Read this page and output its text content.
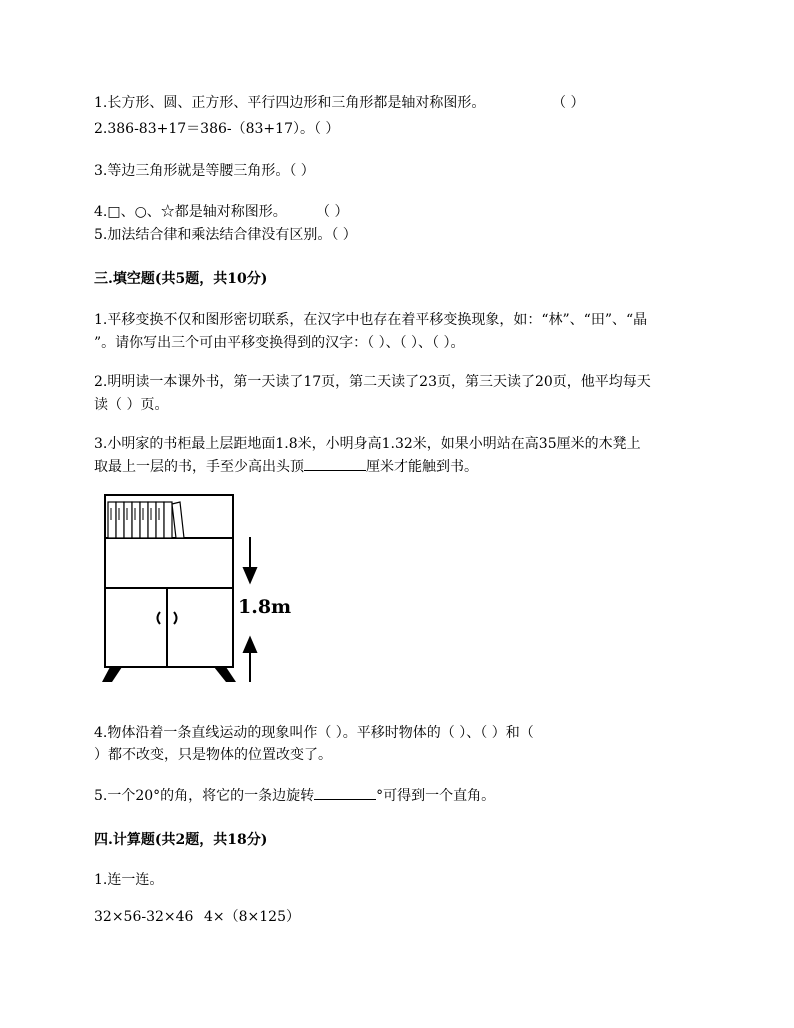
1.长方形、圆、正方形、平行四边形和三角形都是轴对称图形。	（ ）
2.386-83+17＝386-（83+17）。（ ）
3.等边三角形就是等腰三角形。（ ）
4.□、○、☆都是轴对称图形。 （ ）
5.加法结合律和乘法结合律没有区别。（ ）
三.填空题(共5题，共10分)
1.平移变换不仅和图形密切联系，在汉字中也存在着平移变换现象，如：“林”、“田”、“晶
”。请你写出三个可由平移变换得到的汉字：（ ）、（ ）、（ ）。
2.明明读一本课外书，第一天读了17页，第二天读了23页，第三天读了20页，他平均每天
读（ ）页。
3.小明家的书柜最上层距地面1.8米，小明身高1.32米，如果小明站在高35厘米的木凳上
取最上一层的书，手至少高出头顶	厘米才能触到书。
1.8m
4.物体沿着一条直线运动的现象叫作（ ）。平移时物体的（ ）、（ ）和（
）都不改变，只是物体的位置改变了。
5.一个20°的角，将它的一条边旋转	°可得到一个直角。
四.计算题(共2题，共18分)
1.连一连。
32×56-32×46 4×（8×125）
